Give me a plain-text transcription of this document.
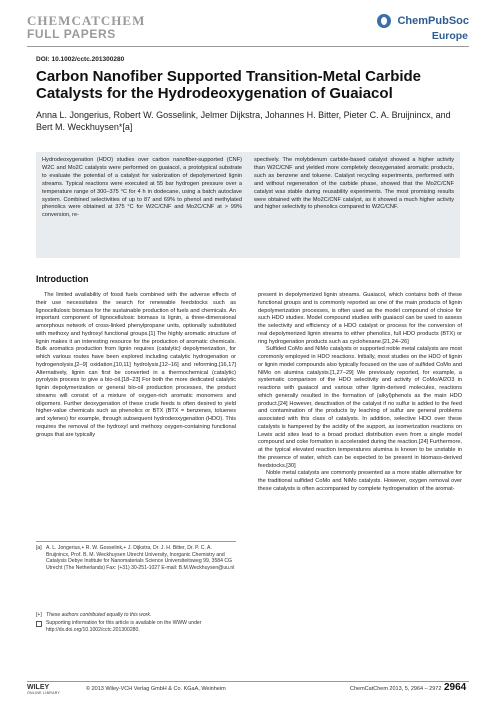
CHEMCATCHEM
FULL PAPERS
ChemPubSoc
Europe
DOI: 10.1002/cctc.201300280
Carbon Nanofiber Supported Transition-Metal Carbide Catalysts for the Hydrodeoxygenation of Guaiacol
Anna L. Jongerius, Robert W. Gosselink, Jelmer Dijkstra, Johannes H. Bitter, Pieter C. A. Bruijnincx, and Bert M. Weckhuysen*[a]
Hydrodeoxygenation (HDO) studies over carbon nanofiber-supported (CNF) W2C and Mo2C catalysts were performed on guaiacol, a prototypical substrate to evaluate the potential of a catalyst for valorization of depolymerized lignin streams. Typical reactions were executed at 55 bar hydrogen pressure over a temperature range of 300–375 °C for 4 h in dodecane, using a batch autoclave system. Combined selectivities of up to 87 and 69% to phenol and methylated phenolics were obtained at 375 °C for W2C/CNF and Mo2C/CNF at > 99% conversion, re-
spectively. The molybdenum carbide-based catalyst showed a higher activity than W2C/CNF and yielded more completely deoxygenated aromatic products, such as benzene and toluene. Catalyst recycling experiments, performed with and without regeneration of the carbide phase, showed that the Mo2C/CNF catalyst was stable during reusability experiments. The most promising results were obtained with the Mo2C/CNF catalyst, as it showed a much higher activity and higher selectivity to phenolics compared to W2C/CNF.
Introduction

The limited availability of fossil fuels combined with the adverse effects of their use necessitates the search for renewable feedstocks such as lignocellulosic biomass for the sustainable production of fuels and chemicals. An important component of lignocellulosic biomass is lignin, a three-dimensional amorphous network of cross-linked phenylpropane units, optionally substituted with methoxy and hydroxyl functional groups.[1] The highly aromatic structure of lignin makes it an interesting resource for the production of aromatic chemicals. Bulk aromatics production from lignin requires (catalytic) depolymerization, for which various routes have been explored including catalytic hydrogenation or hydrogenolysis,[2–9] oxidation,[10,11] hydrolysis,[12–16] and reforming.[16,17] Alternatively, lignin can first be converted in a thermochemical (catalytic) pyrolysis process to give a bio-oil.[18–23] For both the more dedicated catalytic lignin depolymerization or general bio-oil production processes, the product streams will consist of a mixture of oxygen-rich aromatic monomers and oligomers. Further deoxygenation of these crude feeds is often desired to yield higher-value chemicals such as phenolics or BTX (BTX = benzenes, toluenes and xylenes) for example, through subsequent hydrodeoxygenation (HDO). This requires the removal of the hydroxyl and methoxy oxygen-containing functional groups that are typically

present in depolymerized lignin streams. Guaiacol, which contains both of these functional groups and is commonly reported as one of the main products of lignin depolymerization processes, is often used as the model compound of choice for such HDO studies. Model compound studies with guaiacol can be used to assess the selectivity and efficiency of a HDO catalyst or process for the conversion of real depolymerized lignin streams to either phenolics, full HDO products (BTX) or ring hydrogenation products such as cyclohexane.[21,24–26]

Sulfided CoMo and NiMo catalysts or supported noble metal catalysts are most commonly employed in HDO reactions. Initially, most studies on the HDO of lignin or lignin model compounds also typically focused on the use of sulfided CoMo and NiMo on alumina catalysts.[1,27–29] We previously reported, for example, a systematic comparison of the HDO selectivity and activity of CoMo/Al2O3 in reactions with guaiacol and various other lignin-derived molecules, reactions which generally resulted in the formation of (alkyl)phenols as the main HDO product.[24] However, deactivation of the catalyst if no sulfur is added to the feed and contamination of the products by leaching of sulfur are general problems associated with this class of catalysts. In addition, selective HDO over these catalysts is hampered by the acidity of the support, as isomerization reactions on Lewis acid sites lead to a broad product distribution even from a single model compound and coke formation is accelerated during the reaction.[24] Furthermore, at the typical elevated reaction temperatures alumina is known to be unstable in the presence of water, which can be expected to be present in biomass-derived feedstocks.[30]

Noble metal catalysts are commonly presented as a more stable alternative for the traditional sulfided CoMo and NiMo catalysts. However, oxygen removal over these catalysts is often accompanied by complete hydrogenation of the aromat-

[a] A. L. Jongerius,+ R. W. Gosselink,+ J. Dijkstra, Dr. J. H. Bitter, Dr. P. C. A. Bruijnincx, Prof. B. M. Weckhuysen Utrecht University, Inorganic Chemistry and Catalysis Debye Institute for Nanomaterials Science Universiteitsweg 99, 3584 CG Utrecht (The Netherlands) Fax: (+31) 30-251-1027 E-mail: B.M.Weckhuysen@uu.nl
[+] These authors contributed equally to this work.
Supporting information for this article is available on the WWW under http://dx.doi.org/10.1002/cctc.201300280.
WILEY
ONLINE LIBRARY
© 2013 Wiley-VCH Verlag GmbH & Co. KGaA, Weinheim	ChemCatChem 2013, 5, 2964 – 2972 2964
